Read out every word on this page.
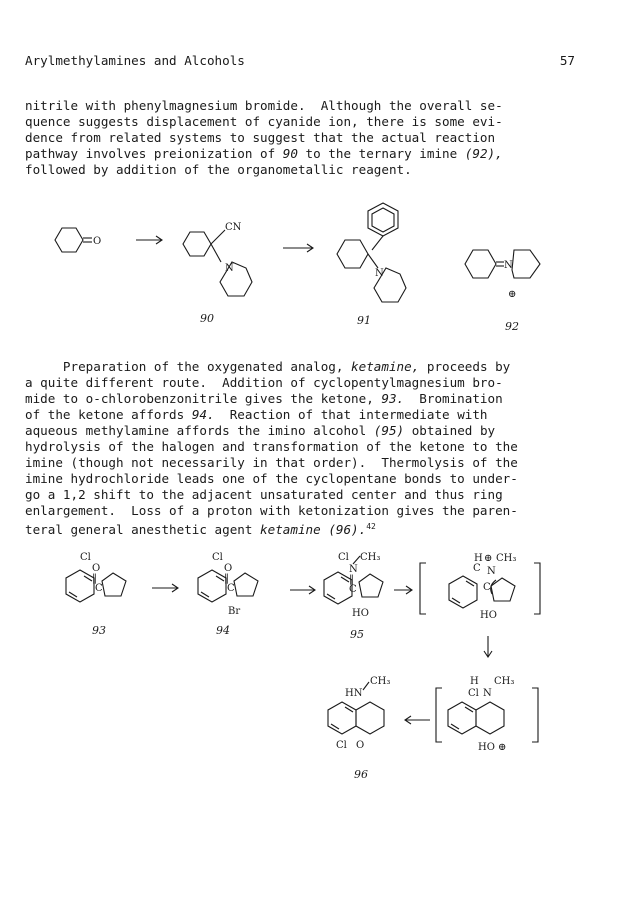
Arylmethylamines and Alcohols	57
nitrile with phenylmagnesium bromide.  Although the overall se-
quence suggests displacement of cyanide ion, there is some evi-
dence from related systems to suggest that the actual reaction
pathway involves preionization of 90 to the ternary imine (92),
followed by addition of the organometallic reagent.
Preparation of the oxygenated analog, ketamine, proceeds by
a quite different route.  Addition of cyclopentylmagnesium bro-
mide to o-chlorobenzonitrile gives the ketone, 93.  Bromination
of the ketone affords 94.  Reaction of that intermediate with
aqueous methylamine affords the imino alcohol (95) obtained by
hydrolysis of the halogen and transformation of the ketone to the
imine (though not necessarily in that order).  Thermolysis of the
imine hydrochloride leads one of the cyclopentane bonds to under-
go a 1,2 shift to the adjacent unsaturated center and thus ring
enlargement.  Loss of a proton with ketonization gives the paren-
teral general anesthetic agent ketamine (96).$^{42}$
O
CN
N
90
N
91
N
⊕
92
Cl
O
‖
C
93
Cl
O
‖
C
Br
94
Cl CH₃
N
‖
C
HO
95
H ⊕ CH₃
C N
C
HO
H CH₃
Cl N
HO ⊕
CH₃
HN
Cl O
96
